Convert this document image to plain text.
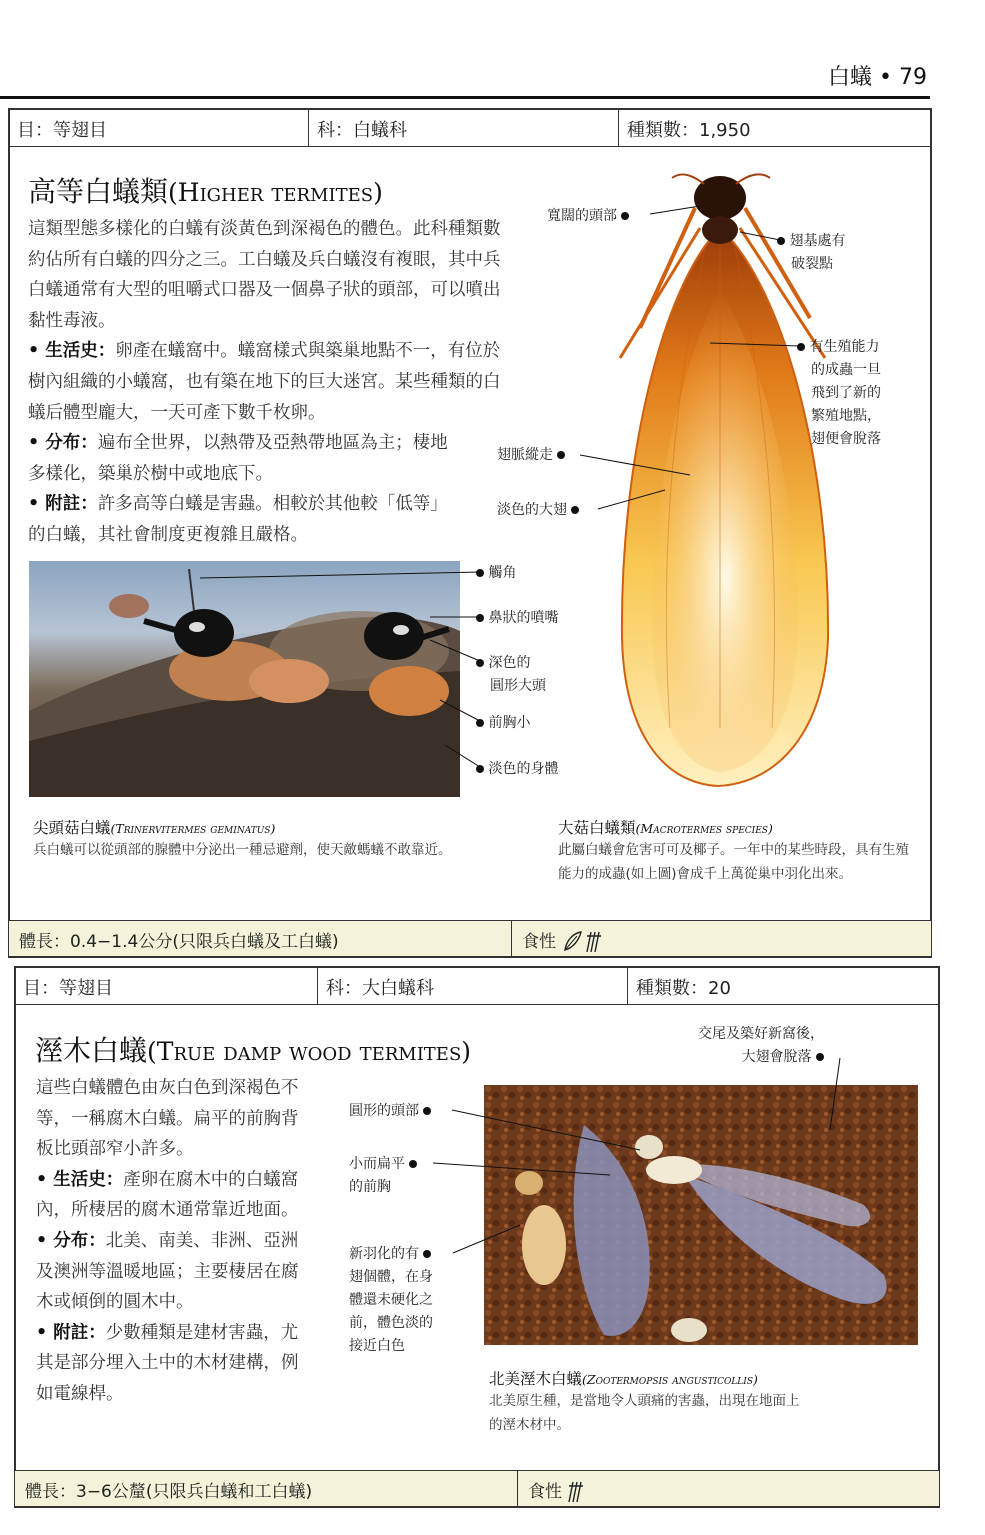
白蟻 • 79
目：等翅目	科：白蟻科	種類數：1,950
高等白蟻類(Higher termites)
這類型態多樣化的白蟻有淡黃色到深褐色的體色。此科種類數約佔所有白蟻的四分之三。工白蟻及兵白蟻沒有複眼，其中兵白蟻通常有大型的咀嚼式口器及一個鼻子狀的頭部，可以噴出黏性毒液。
• 生活史：卵產在蟻窩中。蟻窩樣式與築巢地點不一，有位於樹內組織的小蟻窩，也有築在地下的巨大迷宮。某些種類的白蟻后體型龐大，一天可產下數千枚卵。
• 分布：遍布全世界，以熱帶及亞熱帶地區為主；棲地多樣化，築巢於樹中或地底下。
• 附註：許多高等白蟻是害蟲。相較於其他較「低等」的白蟻，其社會制度更複雜且嚴格。
寬闊的頭部
翅基處有
破裂點
有生殖能力
的成蟲一旦
飛到了新的
繁殖地點，
翅便會脫落
翅脈縱走
淡色的大翅
觸角
鼻狀的噴嘴
深色的
圓形大頭
前胸小
淡色的身體
尖頭菇白蟻(Trinervitermes geminatus)
兵白蟻可以從頭部的腺體中分泌出一種忌避劑，使天敵螞蟻不敢靠近。
大菇白蟻類(Macrotermes species)
此屬白蟻會危害可可及椰子。一年中的某些時段，具有生殖能力的成蟲(如上圖)會成千上萬從巢中羽化出來。
體長：0.4−1.4公分(只限兵白蟻及工白蟻)	食性
目：等翅目	科：大白蟻科	種類數：20
溼木白蟻(True damp wood termites)
這些白蟻體色由灰白色到深褐色不等，一稱腐木白蟻。扁平的前胸背板比頭部窄小許多。
• 生活史：產卵在腐木中的白蟻窩內，所棲居的腐木通常靠近地面。
• 分布：北美、南美、非洲、亞洲及澳洲等溫暖地區；主要棲居在腐木或傾倒的圓木中。
• 附註：少數種類是建材害蟲，尤其是部分埋入土中的木材建構，例如電線桿。
交尾及築好新窩後，
大翅會脫落
圓形的頭部
小而扁平
的前胸
新羽化的有
翅個體，在身
體還未硬化之
前，體色淡的
接近白色
北美溼木白蟻(Zootermopsis angusticollis)
北美原生種，是當地令人頭痛的害蟲，出現在地面上
的溼木材中。
體長：3−6公釐(只限兵白蟻和工白蟻)	食性
